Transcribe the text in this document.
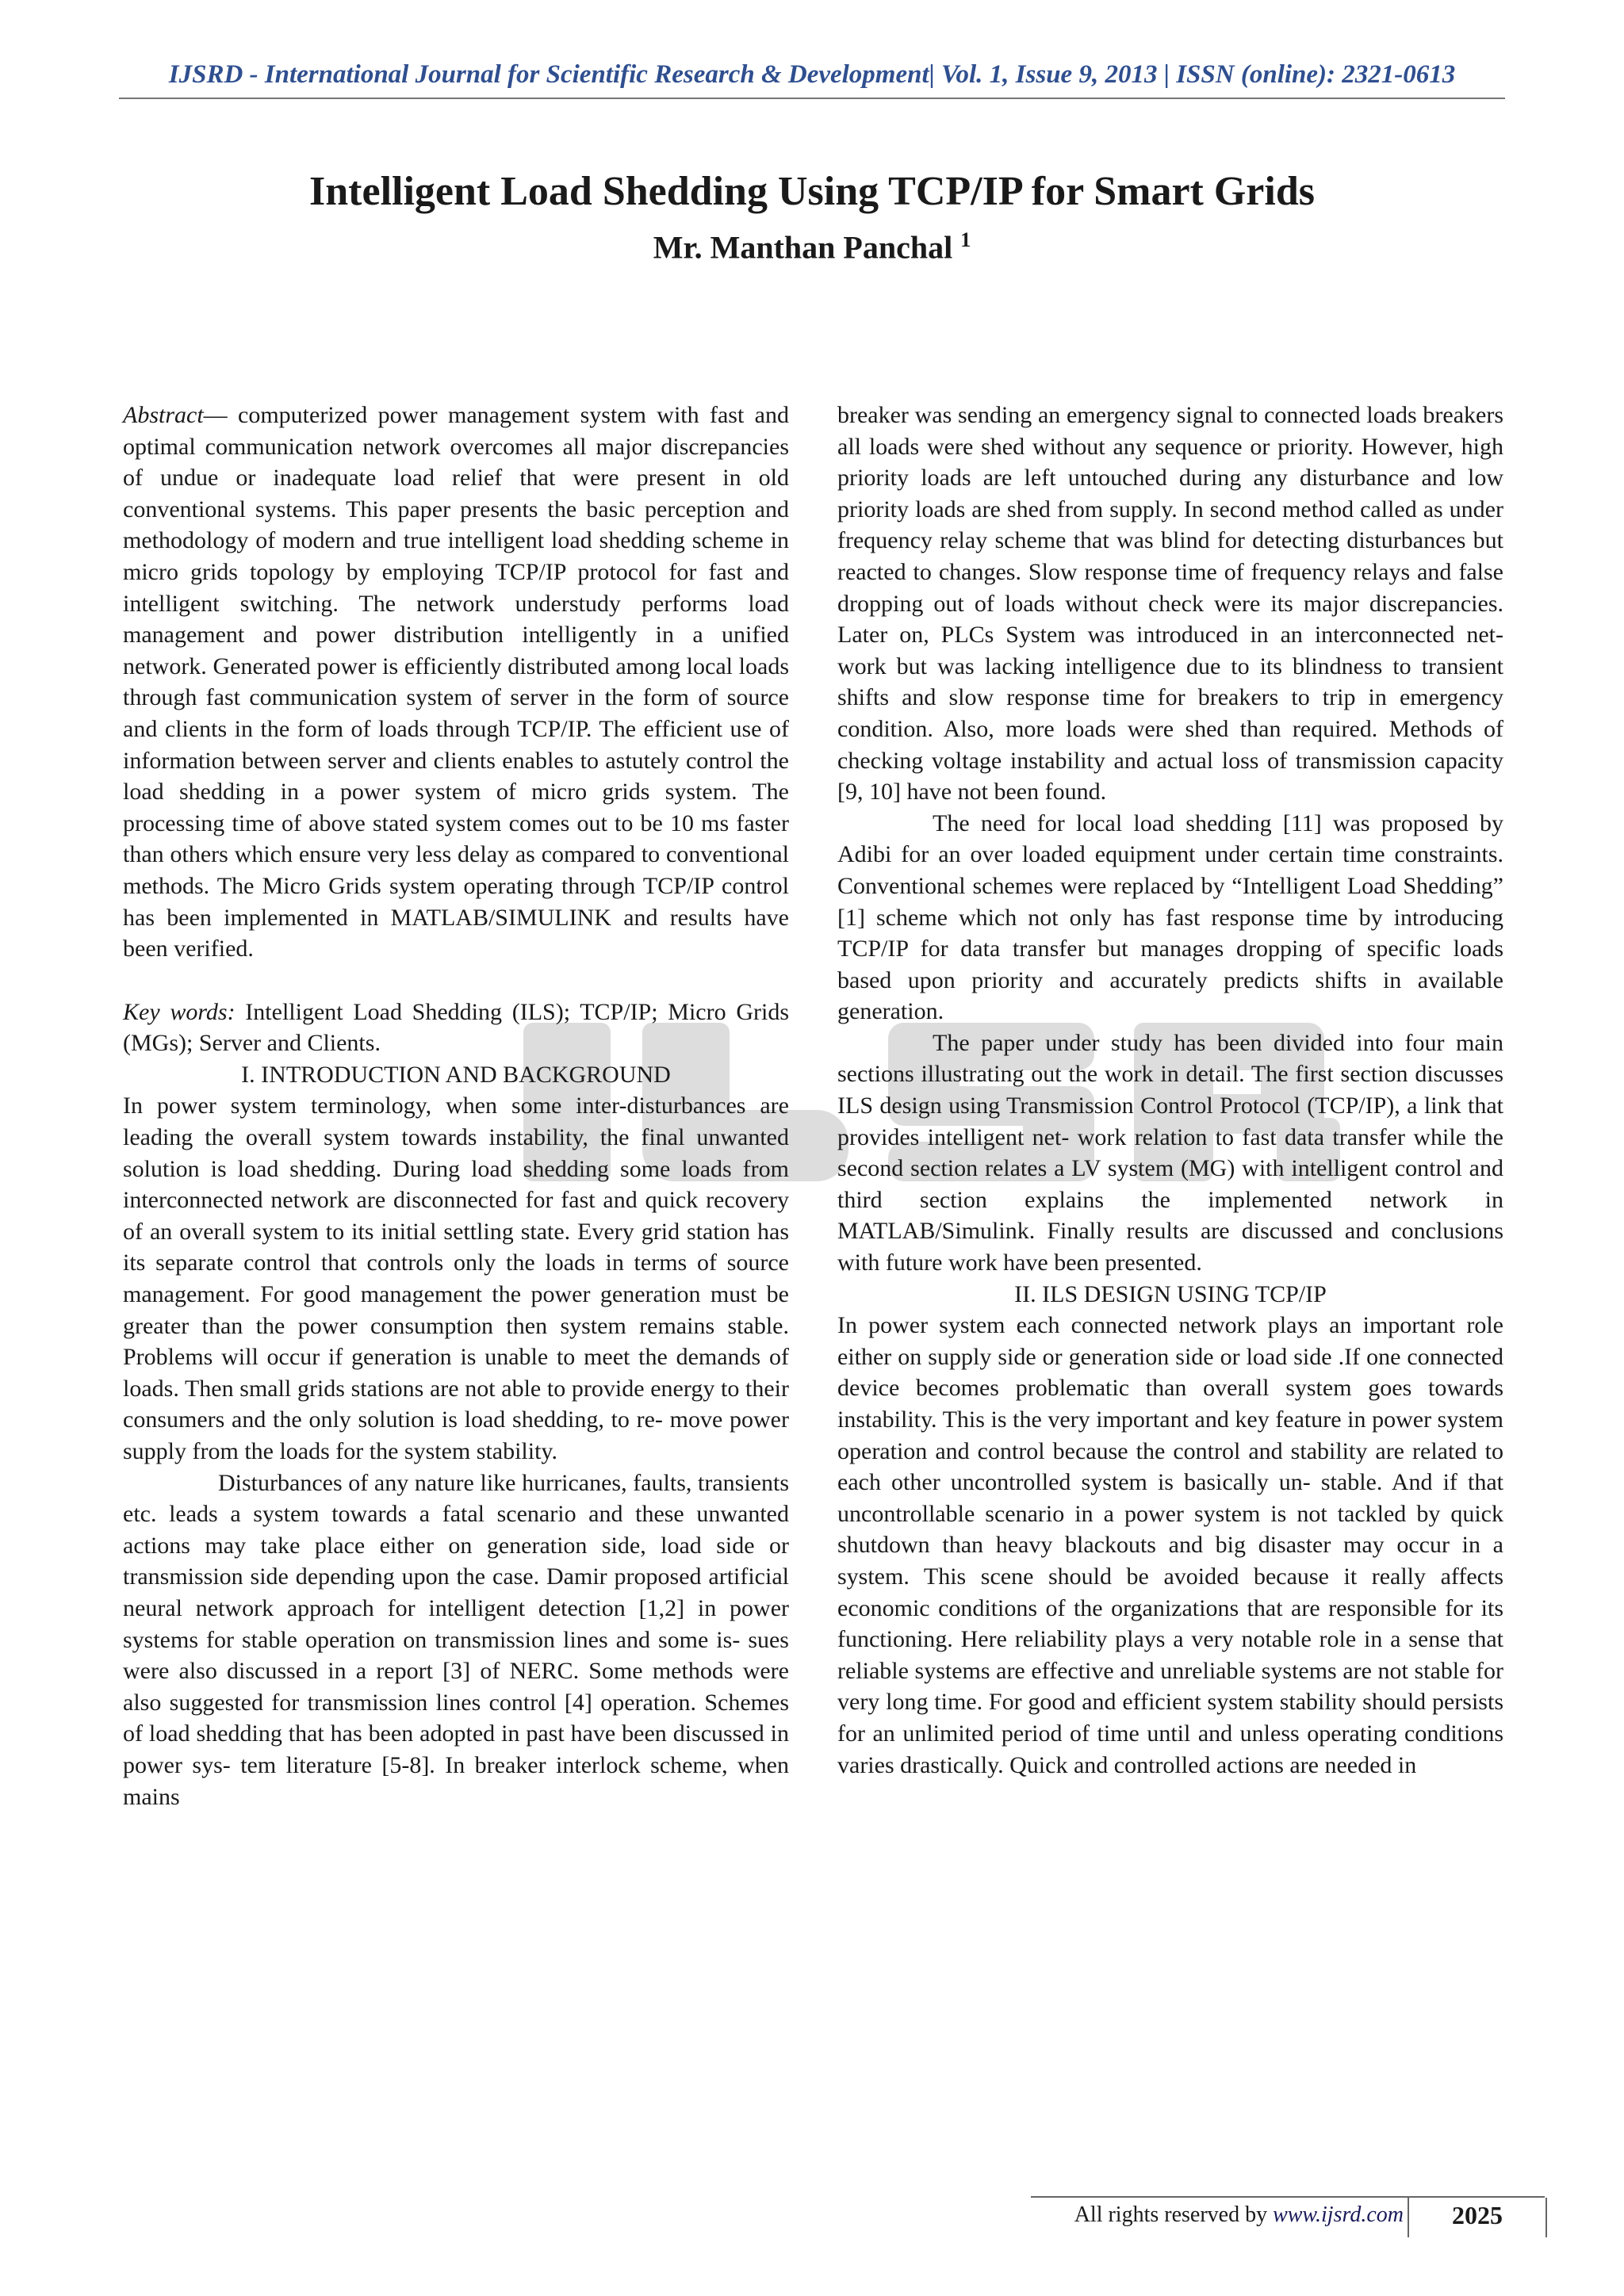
IJSRD - International Journal for Scientific Research & Development| Vol. 1, Issue 9, 2013 | ISSN (online): 2321-0613
Intelligent Load Shedding Using TCP/IP for Smart Grids
Mr. Manthan Panchal $^1$

Abstract— computerized power management system with fast and optimal communication network overcomes all major discrepancies of undue or inadequate load relief that were present in old conventional systems. This paper presents the basic perception and methodology of modern and true intelligent load shedding scheme in micro grids topology by employing TCP/IP protocol for fast and intelligent switching. The network understudy performs load management and power distribution intelligently in a unified network. Generated power is efficiently distributed among local loads through fast communication system of server in the form of source and clients in the form of loads through TCP/IP. The efficient use of information between server and clients enables to astutely control the load shedding in a power system of micro grids system. The processing time of above stated system comes out to be 10 ms faster than others which ensure very less delay as compared to conventional methods. The Micro Grids system operating through TCP/IP control has been implemented in MATLAB/SIMULINK and results have been verified.

Key words: Intelligent Load Shedding (ILS); TCP/IP; Micro Grids (MGs); Server and Clients.

I. INTRODUCTION AND BACKGROUND

In power system terminology, when some inter-disturbances are leading the overall system towards instability, the final unwanted solution is load shedding. During load shedding some loads from interconnected network are disconnected for fast and quick recovery of an overall system to its initial settling state. Every grid station has its separate control that controls only the loads in terms of source management. For good management the power generation must be greater than the power consumption then system remains stable. Problems will occur if generation is unable to meet the demands of loads. Then small grids stations are not able to provide energy to their consumers and the only solution is load shedding, to re- move power supply from the loads for the system stability.

Disturbances of any nature like hurricanes, faults, transients etc. leads a system towards a fatal scenario and these unwanted actions may take place either on generation side, load side or transmission side depending upon the case. Damir proposed artificial neural network approach for intelligent detection [1,2] in power systems for stable operation on transmission lines and some is- sues were also discussed in a report [3] of NERC. Some methods were also suggested for transmission lines control [4] operation. Schemes of load shedding that has been adopted in past have been discussed in power sys- tem literature [5-8]. In breaker interlock scheme, when mains

breaker was sending an emergency signal to connected loads breakers all loads were shed without any sequence or priority. However, high priority loads are left untouched during any disturbance and low priority loads are shed from supply. In second method called as under frequency relay scheme that was blind for detecting disturbances but reacted to changes. Slow response time of frequency relays and false dropping out of loads without check were its major discrepancies. Later on, PLCs System was introduced in an interconnected net- work but was lacking intelligence due to its blindness to transient shifts and slow response time for breakers to trip in emergency condition. Also, more loads were shed than required. Methods of checking voltage instability and actual loss of transmission capacity [9, 10] have not been found.

The need for local load shedding [11] was proposed by Adibi for an over loaded equipment under certain time constraints. Conventional schemes were replaced by “Intelligent Load Shedding” [1] scheme which not only has fast response time by introducing TCP/IP for data transfer but manages dropping of specific loads based upon priority and accurately predicts shifts in available generation.

The paper under study has been divided into four main sections illustrating out the work in detail. The first section discusses ILS design using Transmission Control Protocol (TCP/IP), a link that provides intelligent net- work relation to fast data transfer while the second section relates a LV system (MG) with intelligent control and third section explains the implemented network in MATLAB/Simulink. Finally results are discussed and conclusions with future work have been presented.

II. ILS DESIGN USING TCP/IP

In power system each connected network plays an important role either on supply side or generation side or load side .If one connected device becomes problematic than overall system goes towards instability. This is the very important and key feature in power system operation and control because the control and stability are related to each other uncontrolled system is basically un- stable. And if that uncontrollable scenario in a power system is not tackled by quick shutdown than heavy blackouts and big disaster may occur in a system. This scene should be avoided because it really affects economic conditions of the organizations that are responsible for its functioning. Here reliability plays a very notable role in a sense that reliable systems are effective and unreliable systems are not stable for very long time. For good and efficient system stability should persists for an unlimited period of time until and unless operating conditions varies drastically. Quick and controlled actions are needed in

All rights reserved by www.ijsrd.com	2025
